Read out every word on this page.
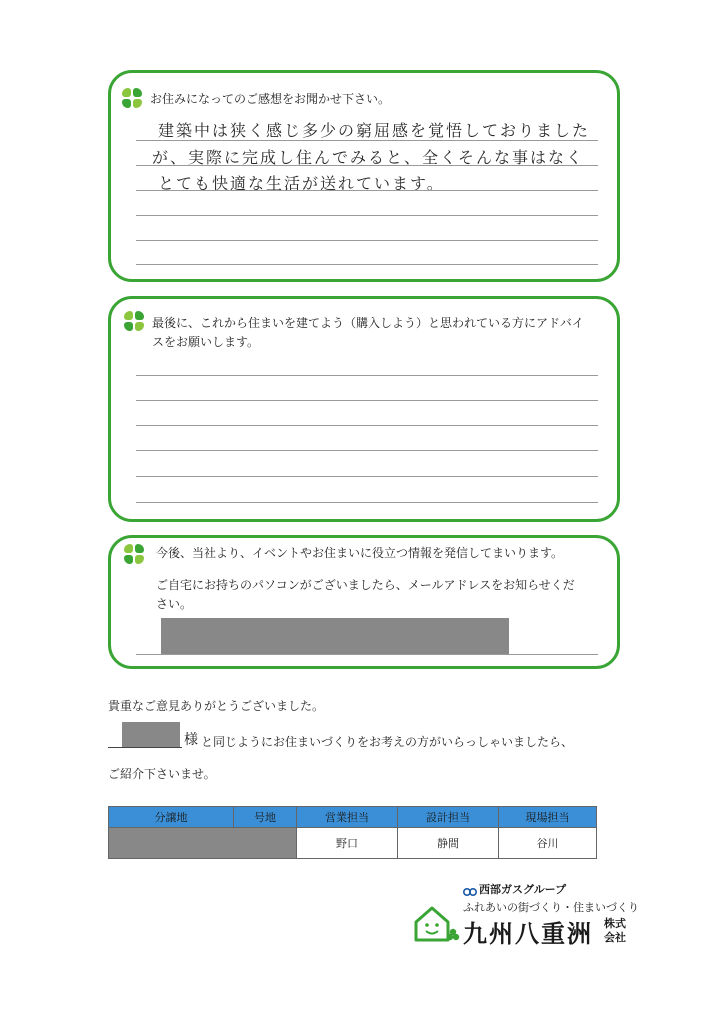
お住みになってのご感想をお聞かせ下さい。
建築中は狭く感じ多少の窮屈感を覚悟しておりました
が、実際に完成し住んでみると、全くそんな事はなく
とても快適な生活が送れています。
最後に、これから住まいを建てよう（購入しよう）と思われている方にアドバイスをお願いします。
今後、当社より、イベントやお住まいに役立つ情報を発信してまいります。
ご自宅にお持ちのパソコンがございましたら、メールアドレスをお知らせください。
貴重なご意見ありがとうございました。
様 と同じようにお住まいづくりをお考えの方がいらっしゃいましたら、
ご紹介下さいませ。
分譲地	号地	営業担当	設計担当	現場担当
		野口	静間	谷川
西部ガスグループ
ふれあいの街づくり・住まいづくり
九州八重洲 株式
会社
